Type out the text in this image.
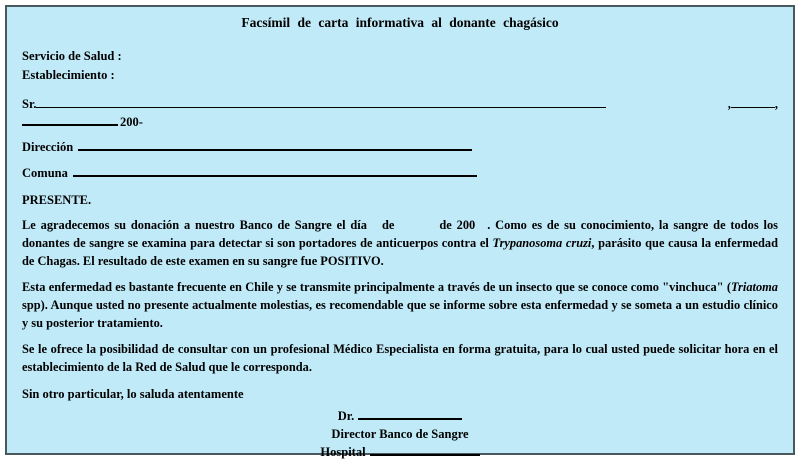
Facsímil de carta informativa al donante chagásico
Servicio de Salud :
Establecimiento :
Sr.	,	,
200-
Dirección
Comuna
PRESENTE.

Le agradecemos su donación a nuestro Banco de Sangre el día de	de 200 . Como es de su conocimiento, la sangre de todos los donantes de sangre se examina para detectar si son portadores de anticuerpos contra el Trypanosoma cruzi, parásito que causa la enfermedad de Chagas. El resultado de este examen en su sangre fue POSITIVO.

Esta enfermedad es bastante frecuente en Chile y se transmite principalmente a través de un insecto que se conoce como "vinchuca" (Triatoma spp). Aunque usted no presente actualmente molestias, es recomendable que se informe sobre esta enfermedad y se someta a un estudio clínico y su posterior tratamiento.

Se le ofrece la posibilidad de consultar con un profesional Médico Especialista en forma gratuita, para lo cual usted puede solicitar hora en el establecimiento de la Red de Salud que le corresponda.

Sin otro particular, lo saluda atentamente
Dr.
Director Banco de Sangre
Hospital
